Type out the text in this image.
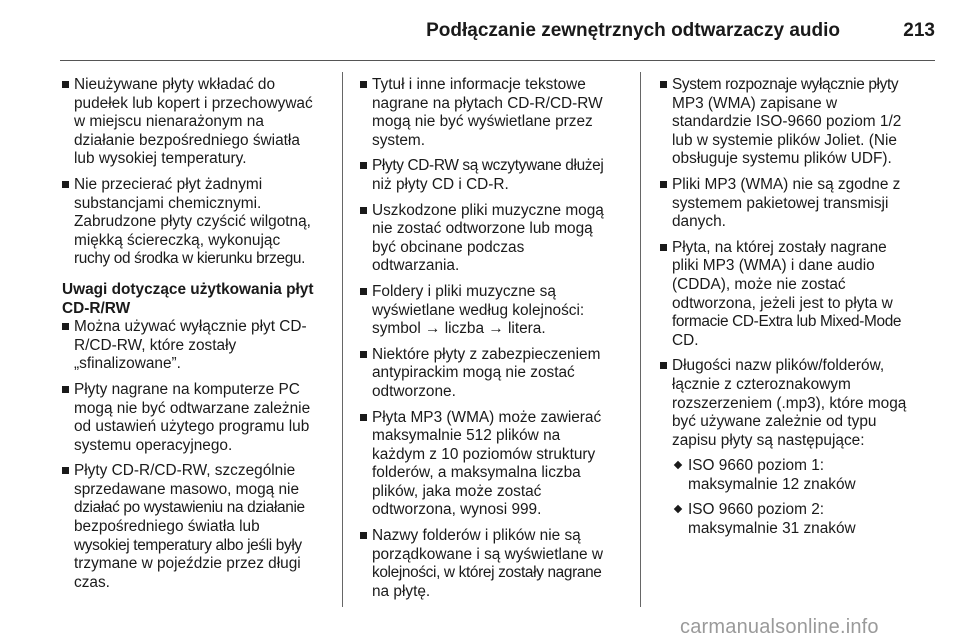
Podłączanie zewnętrznych odtwarzaczy audio	213

Nieużywane płyty wkładać do

pudełek lub kopert i przechowywać

w miejscu nienarażonym na

działanie bezpośredniego światła

lub wysokiej temperatury.

Nie przecierać płyt żadnymi

substancjami chemicznymi.

Zabrudzone płyty czyścić wilgotną,

miękką ściereczką, wykonując

ruchy od środka w kierunku brzegu.

Uwagi dotyczące użytkowania płyt

CD-R/RW

Można używać wyłącznie płyt CD-

R/CD-RW, które zostały

„sfinalizowane”.

Płyty nagrane na komputerze PC

mogą nie być odtwarzane zależnie

od ustawień użytego programu lub

systemu operacyjnego.

Płyty CD-R/CD-RW, szczególnie

sprzedawane masowo, mogą nie

działać po wystawieniu na działanie

bezpośredniego światła lub

wysokiej temperatury albo jeśli były

trzymane w pojeździe przez długi

czas.

Tytuł i inne informacje tekstowe

nagrane na płytach CD-R/CD-RW

mogą nie być wyświetlane przez

system.

Płyty CD-RW są wczytywane dłużej

niż płyty CD i CD-R.

Uszkodzone pliki muzyczne mogą

nie zostać odtworzone lub mogą

być obcinane podczas

odtwarzania.

Foldery i pliki muzyczne są

wyświetlane według kolejności:

symbol → liczba → litera.

Niektóre płyty z zabezpieczeniem

antypirackim mogą nie zostać

odtworzone.

Płyta MP3 (WMA) może zawierać

maksymalnie 512 plików na

każdym z 10 poziomów struktury

folderów, a maksymalna liczba

plików, jaka może zostać

odtworzona, wynosi 999.

Nazwy folderów i plików nie są

porządkowane i są wyświetlane w

kolejności, w której zostały nagrane

na płytę.

System rozpoznaje wyłącznie płyty

MP3 (WMA) zapisane w

standardzie ISO-9660 poziom 1/2

lub w systemie plików Joliet. (Nie

obsługuje systemu plików UDF).

Pliki MP3 (WMA) nie są zgodne z

systemem pakietowej transmisji

danych.

Płyta, na której zostały nagrane

pliki MP3 (WMA) i dane audio

(CDDA), może nie zostać

odtworzona, jeżeli jest to płyta w

formacie CD-Extra lub Mixed-Mode

CD.

Długości nazw plików/folderów,

łącznie z czteroznakowym

rozszerzeniem (.mp3), które mogą

być używane zależnie od typu

zapisu płyty są następujące:

ISO 9660 poziom 1:

maksymalnie 12 znaków

ISO 9660 poziom 2:

maksymalnie 31 znaków

carmanualsonline.info
